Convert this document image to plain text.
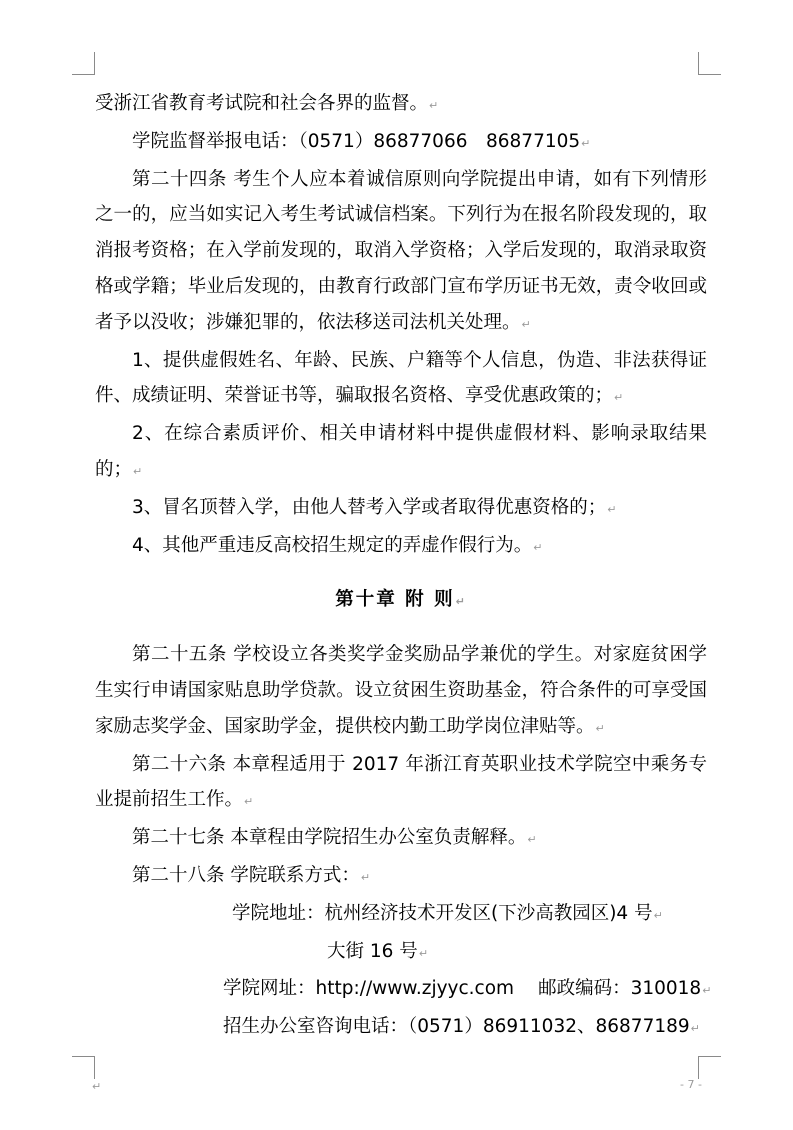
受浙江省教育考试院和社会各界的监督。↵

学院监督举报电话：（0571）86877066　86877105↵

第二十四条 考生个人应本着诚信原则向学院提出申请，如有下列情形之一的，应当如实记入考生考试诚信档案。下列行为在报名阶段发现的，取消报考资格；在入学前发现的，取消入学资格；入学后发现的，取消录取资格或学籍；毕业后发现的，由教育行政部门宣布学历证书无效，责令收回或者予以没收；涉嫌犯罪的，依法移送司法机关处理。↵

1、提供虚假姓名、年龄、民族、户籍等个人信息，伪造、非法获得证件、成绩证明、荣誉证书等，骗取报名资格、享受优惠政策的；↵

2、在综合素质评价、相关申请材料中提供虚假材料、影响录取结果的；↵

3、冒名顶替入学，由他人替考入学或者取得优惠资格的；↵

4、其他严重违反高校招生规定的弄虚作假行为。↵

第十章 附 则↵

第二十五条 学校设立各类奖学金奖励品学兼优的学生。对家庭贫困学生实行申请国家贴息助学贷款。设立贫困生资助基金，符合条件的可享受国家励志奖学金、国家助学金，提供校内勤工助学岗位津贴等。↵

第二十六条 本章程适用于 2017 年浙江育英职业技术学院空中乘务专业提前招生工作。↵

第二十七条 本章程由学院招生办公室负责解释。↵

第二十八条 学院联系方式：↵

学院地址：杭州经济技术开发区(下沙高教园区)4 号↵

大街 16 号↵

学院网址：http://www.zjyyc.com 邮政编码：310018↵

招生办公室咨询电话：（0571）86911032、86877189↵

↵	- 7 -
